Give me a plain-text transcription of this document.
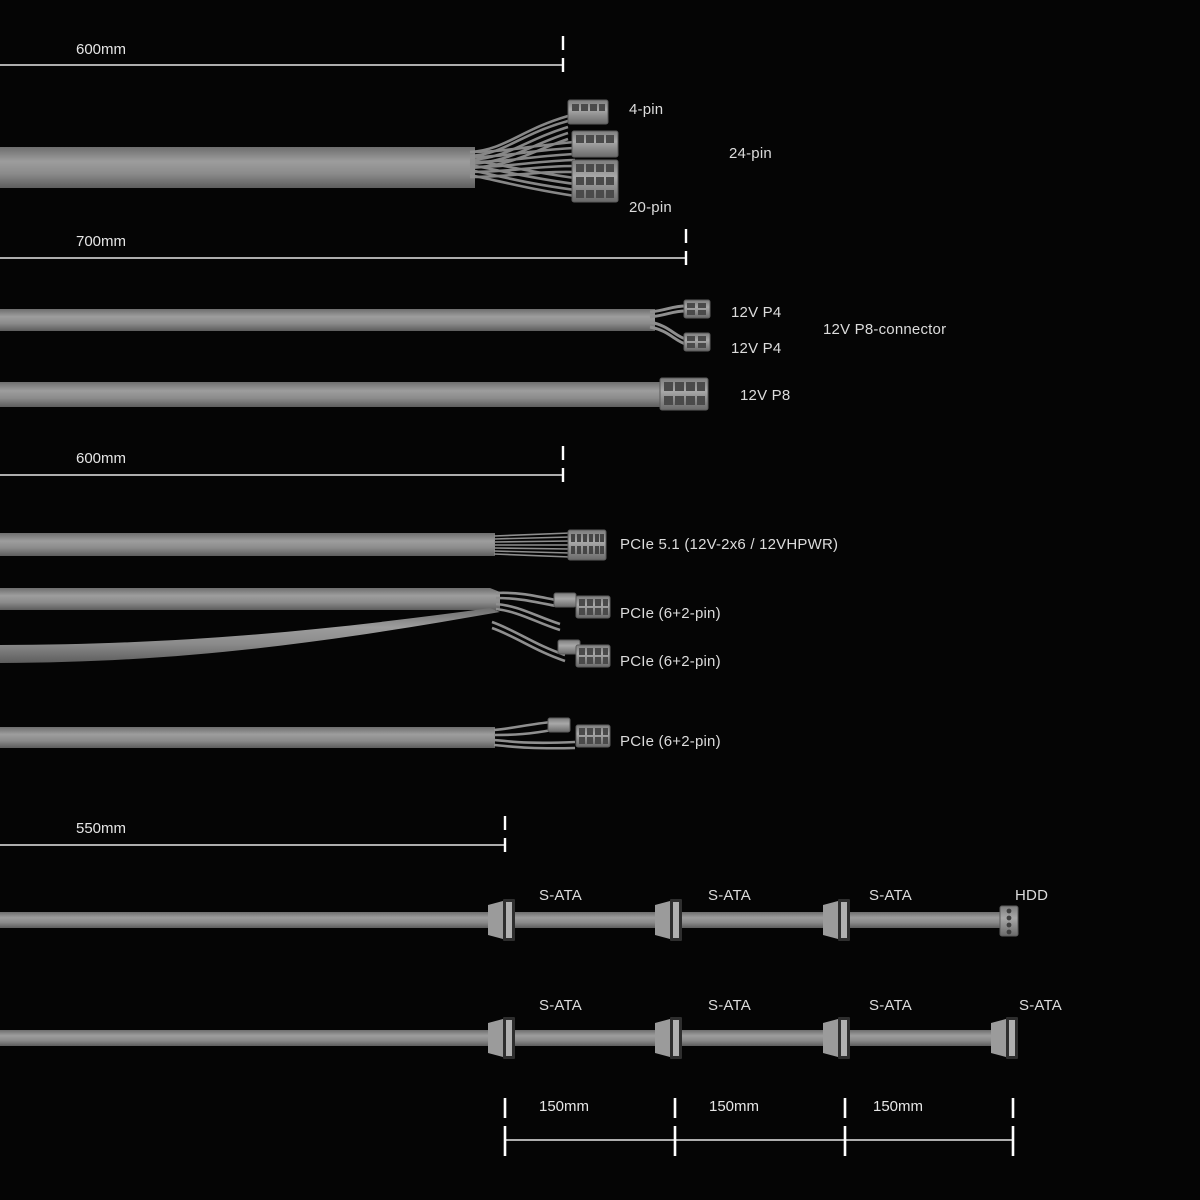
600mm
4-pin
24-pin
20-pin
700mm
12V P4
12V P4
12V P8-connector
12V P8
600mm
PCIe 5.1 (12V-2x6 / 12VHPWR)
PCIe (6+2-pin)
PCIe (6+2-pin)
PCIe (6+2-pin)
550mm
S-ATA	S-ATA	S-ATA	HDD
S-ATA	S-ATA	S-ATA	S-ATA
150mm	150mm	150mm
